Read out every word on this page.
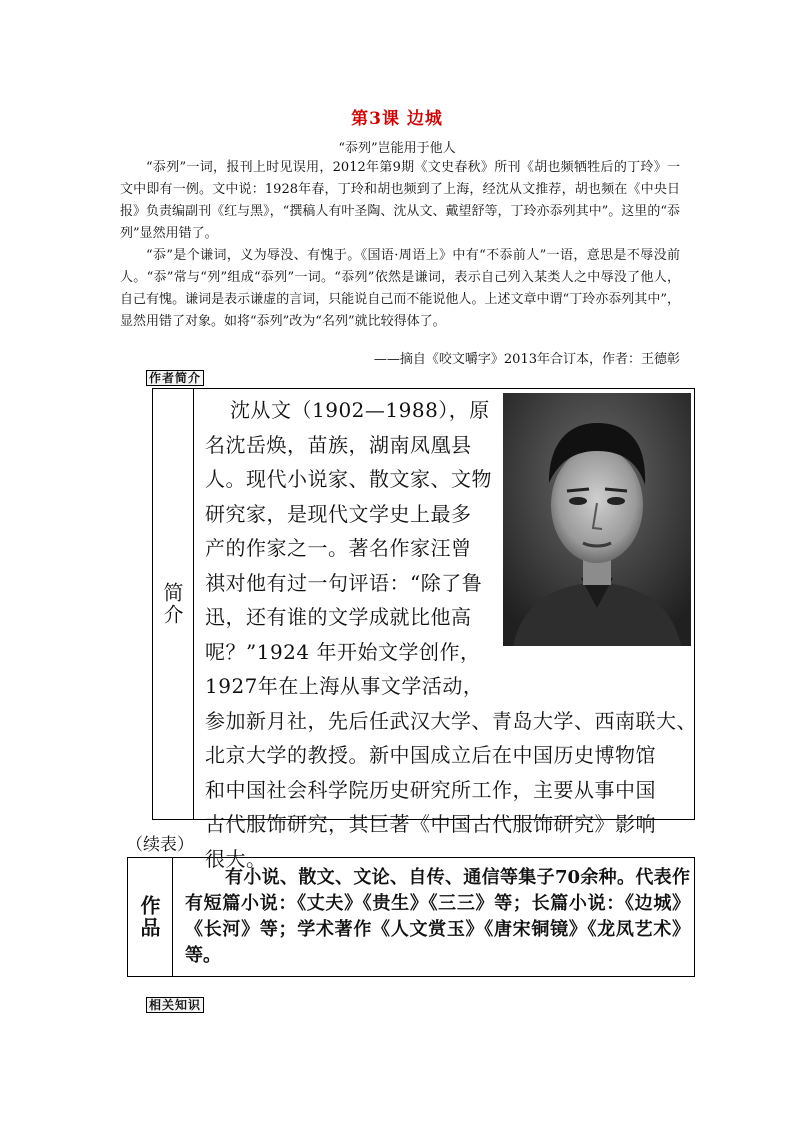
第3课 边城
“忝列”岂能用于他人

“忝列”一词，报刊上时见误用，2012年第9期《文史春秋》所刊《胡也频牺牲后的丁玲》一文中即有一例。文中说：1928年春，丁玲和胡也频到了上海，经沈从文推荐，胡也频在《中央日报》负责编副刊《红与黑》，“撰稿人有叶圣陶、沈从文、戴望舒等，丁玲亦忝列其中”。这里的“忝列”显然用错了。

“忝”是个谦词，义为辱没、有愧于。《国语·周语上》中有“不忝前人”一语，意思是不辱没前人。“忝”常与“列”组成“忝列”一词。“忝列”依然是谦词，表示自己列入某类人之中辱没了他人，自己有愧。谦词是表示谦虚的言词，只能说自己而不能说他人。上述文章中谓“丁玲亦忝列其中”，显然用错了对象。如将“忝列”改为“名列”就比较得体了。

——摘自《咬文嚼字》2013年合订本，作者：王德彰
作者简介
简介
沈从文（1902—1988），原
名沈岳焕，苗族，湖南凤凰县
人。现代小说家、散文家、文物
研究家，是现代文学史上最多
产的作家之一。著名作家汪曾
祺对他有过一句评语：“除了鲁
迅，还有谁的文学成就比他高
呢？”1924 年开始文学创作，
1927年在上海从事文学活动，
参加新月社，先后任武汉大学、青岛大学、西南联大、
北京大学的教授。新中国成立后在中国历史博物馆
和中国社会科学院历史研究所工作，主要从事中国
（续表）
作品

有小说、散文、文论、自传、通信等集子70余种。代表作有短篇小说：《丈夫》《贵生》《三三》等；长篇小说：《边城》《长河》等；学术著作《人文赏玉》《唐宋铜镜》《龙凤艺术》等。

相关知识
古代服饰研究，其巨著《中国古代服饰研究》影响
很大。
